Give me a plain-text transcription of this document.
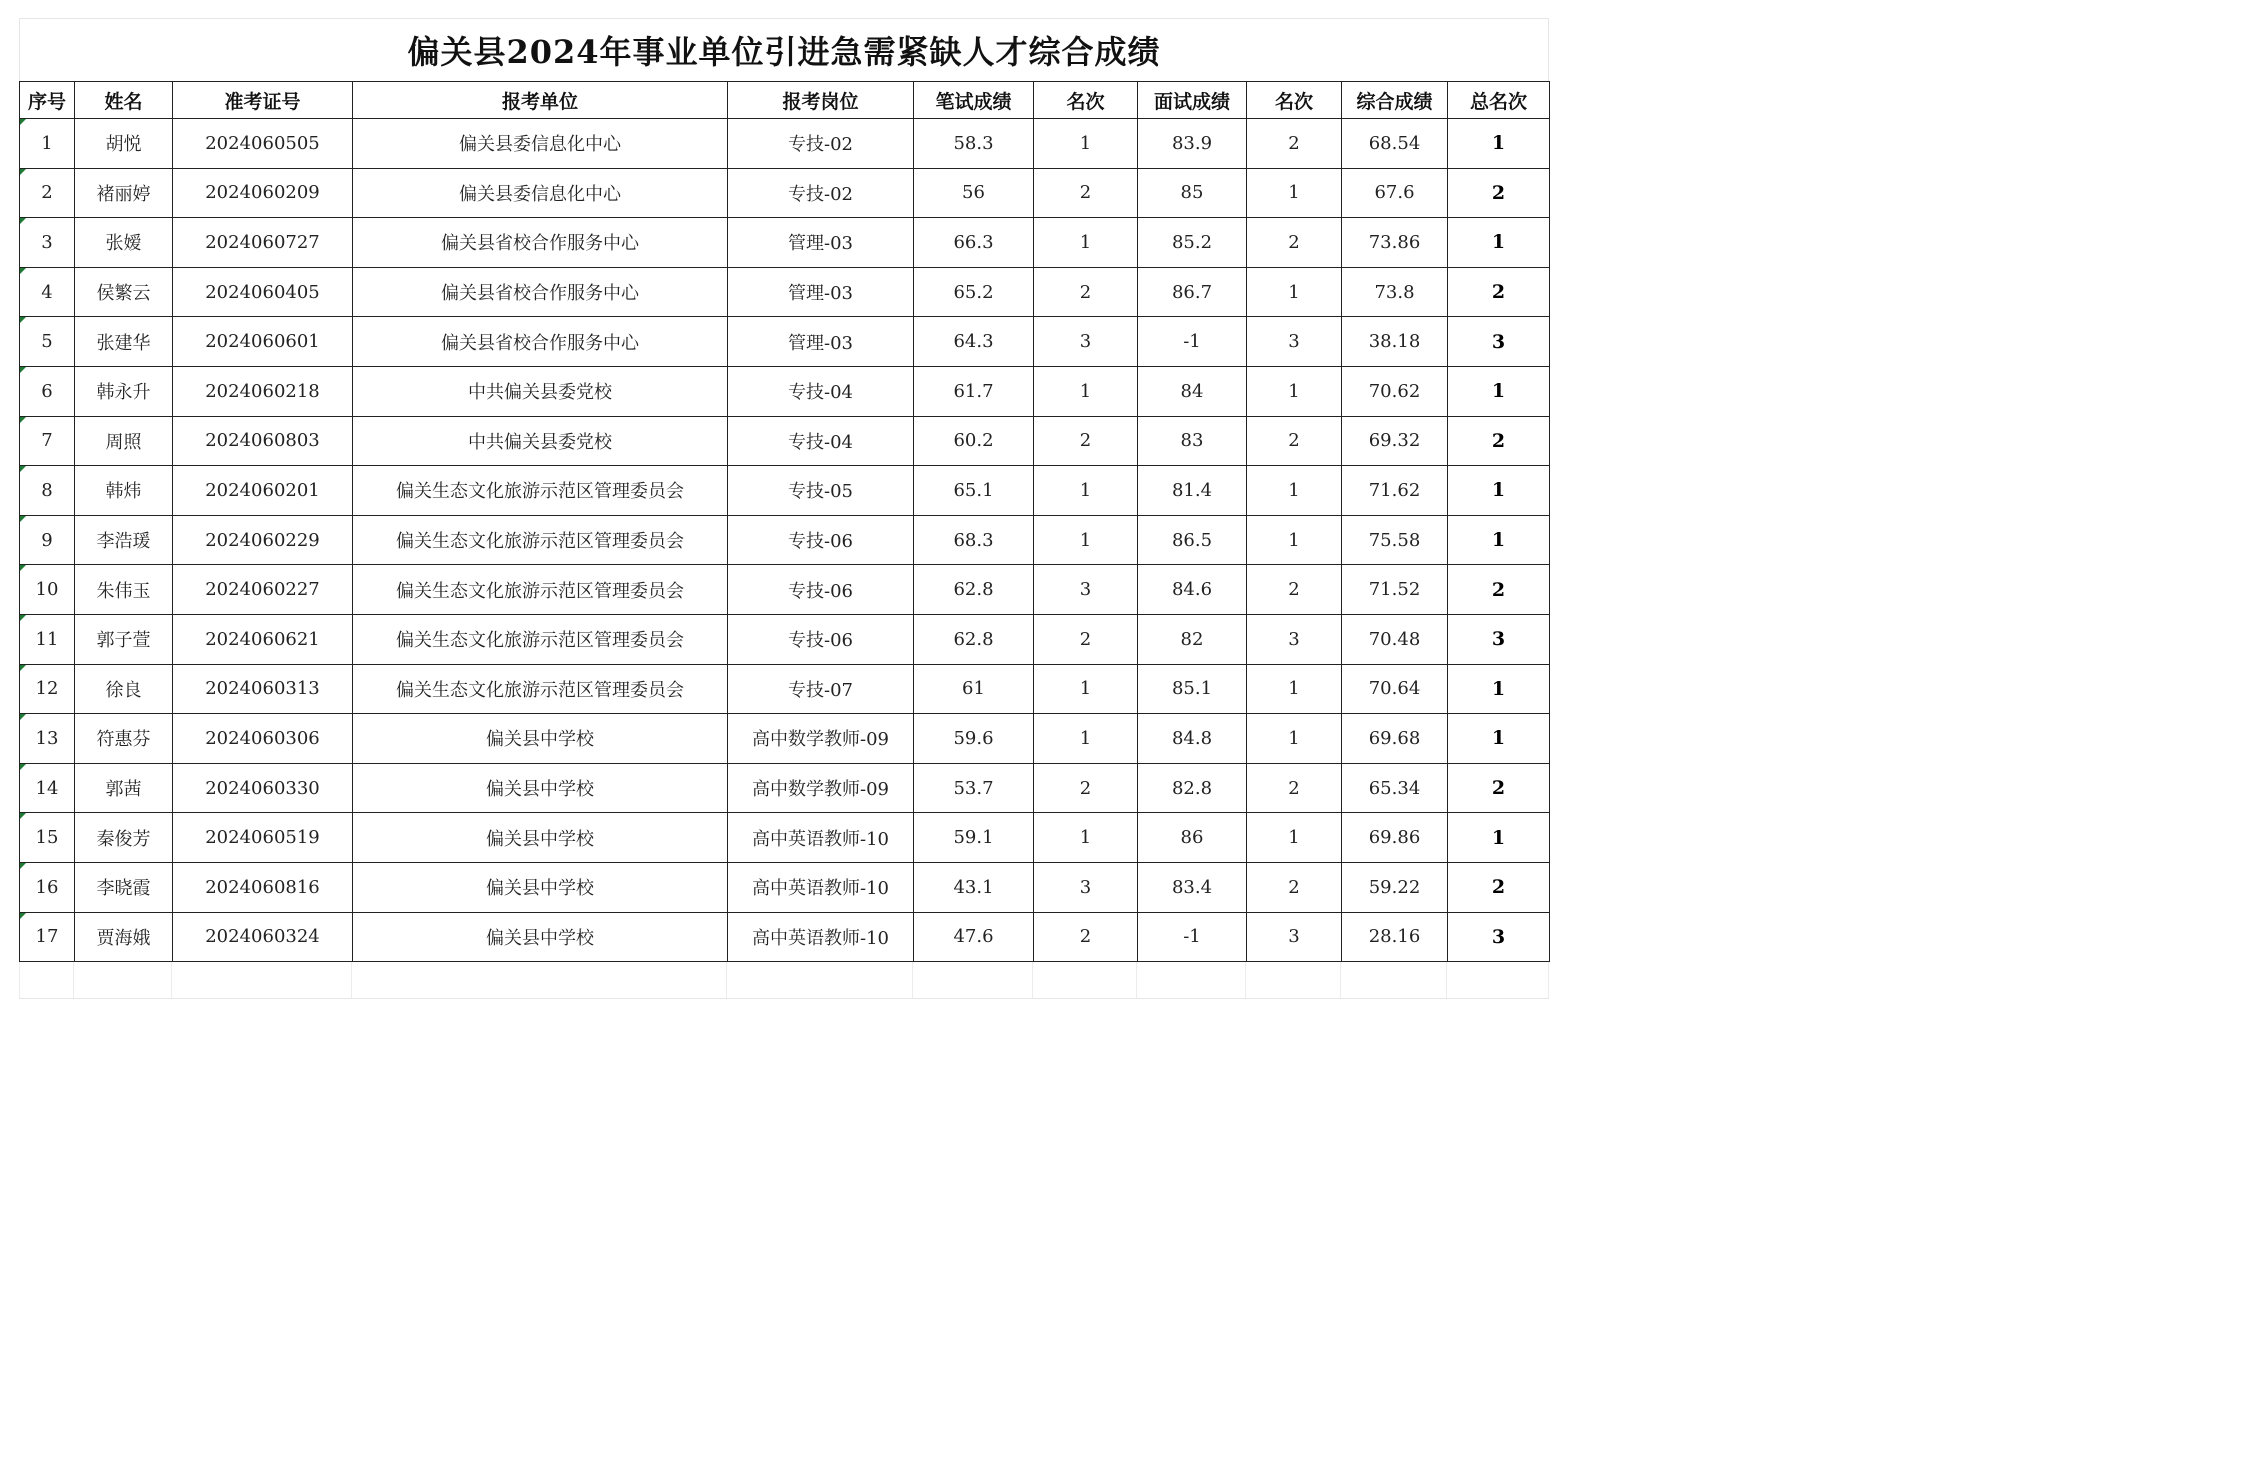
偏关县2024年事业单位引进急需紧缺人才综合成绩
序号	姓名	准考证号	报考单位	报考岗位	笔试成绩	名次	面试成绩	名次	综合成绩	总名次
1	胡悦	2024060505	偏关县委信息化中心	专技-02	58.3	1	83.9	2	68.54	1
2	褚丽婷	2024060209	偏关县委信息化中心	专技-02	56	2	85	1	67.6	2
3	张嫒	2024060727	偏关县省校合作服务中心	管理-03	66.3	1	85.2	2	73.86	1
4	侯繁云	2024060405	偏关县省校合作服务中心	管理-03	65.2	2	86.7	1	73.8	2
5	张建华	2024060601	偏关县省校合作服务中心	管理-03	64.3	3	-1	3	38.18	3
6	韩永升	2024060218	中共偏关县委党校	专技-04	61.7	1	84	1	70.62	1
7	周照	2024060803	中共偏关县委党校	专技-04	60.2	2	83	2	69.32	2
8	韩炜	2024060201	偏关生态文化旅游示范区管理委员会	专技-05	65.1	1	81.4	1	71.62	1
9	李浩瑗	2024060229	偏关生态文化旅游示范区管理委员会	专技-06	68.3	1	86.5	1	75.58	1
10	朱伟玉	2024060227	偏关生态文化旅游示范区管理委员会	专技-06	62.8	3	84.6	2	71.52	2
11	郭子萱	2024060621	偏关生态文化旅游示范区管理委员会	专技-06	62.8	2	82	3	70.48	3
12	徐良	2024060313	偏关生态文化旅游示范区管理委员会	专技-07	61	1	85.1	1	70.64	1
13	符惠芬	2024060306	偏关县中学校	高中数学教师-09	59.6	1	84.8	1	69.68	1
14	郭茜	2024060330	偏关县中学校	高中数学教师-09	53.7	2	82.8	2	65.34	2
15	秦俊芳	2024060519	偏关县中学校	高中英语教师-10	59.1	1	86	1	69.86	1
16	李晓霞	2024060816	偏关县中学校	高中英语教师-10	43.1	3	83.4	2	59.22	2
17	贾海娥	2024060324	偏关县中学校	高中英语教师-10	47.6	2	-1	3	28.16	3
